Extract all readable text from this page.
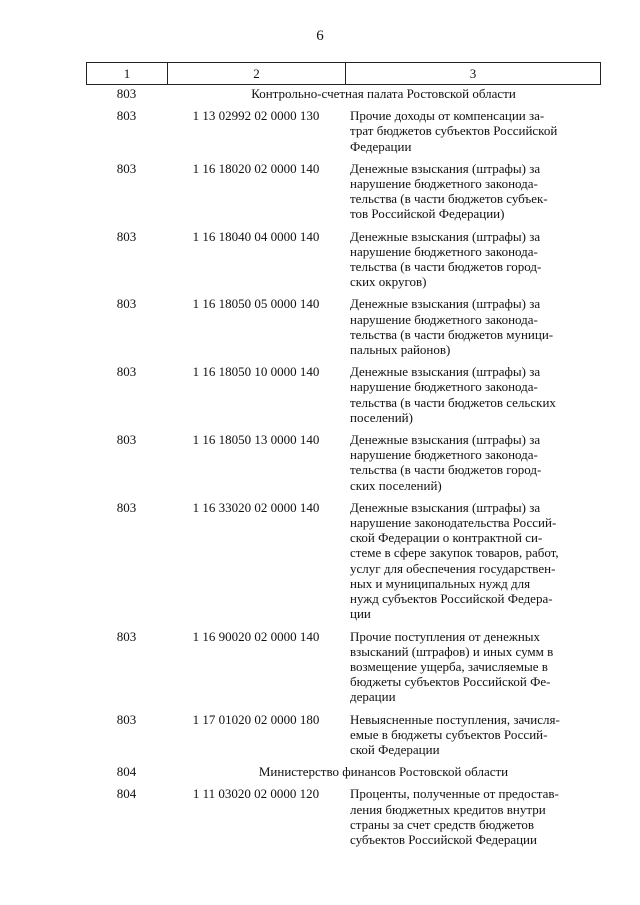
6
1	2	3
803	Контрольно-счетная палата Ростовской области
803	1 13 02992 02 0000 130	Прочие доходы от компенсации за-
трат бюджетов субъектов Российской
Федерации
803	1 16 18020 02 0000 140	Денежные взыскания (штрафы) за
нарушение бюджетного законода-
тельства (в части бюджетов субъек-
тов Российской Федерации)
803	1 16 18040 04 0000 140	Денежные взыскания (штрафы) за
нарушение бюджетного законода-
тельства (в части бюджетов город-
ских округов)
803	1 16 18050 05 0000 140	Денежные взыскания (штрафы) за
нарушение бюджетного законода-
тельства (в части бюджетов муници-
пальных районов)
803	1 16 18050 10 0000 140	Денежные взыскания (штрафы) за
нарушение бюджетного законода-
тельства (в части бюджетов сельских
поселений)
803	1 16 18050 13 0000 140	Денежные взыскания (штрафы) за
нарушение бюджетного законода-
тельства (в части бюджетов город-
ских поселений)
803	1 16 33020 02 0000 140	Денежные взыскания (штрафы) за
нарушение законодательства Россий-
ской Федерации о контрактной си-
стеме в сфере закупок товаров, работ,
услуг для обеспечения государствен-
ных и муниципальных нужд для
нужд субъектов Российской Федера-
ции
803	1 16 90020 02 0000 140	Прочие поступления от денежных
взысканий (штрафов) и иных сумм в
возмещение ущерба, зачисляемые в
бюджеты субъектов Российской Фе-
дерации
803	1 17 01020 02 0000 180	Невыясненные поступления, зачисля-
емые в бюджеты субъектов Россий-
ской Федерации
804	Министерство финансов Ростовской области
804	1 11 03020 02 0000 120	Проценты, полученные от предостав-
ления бюджетных кредитов внутри
страны за счет средств бюджетов
субъектов Российской Федерации
